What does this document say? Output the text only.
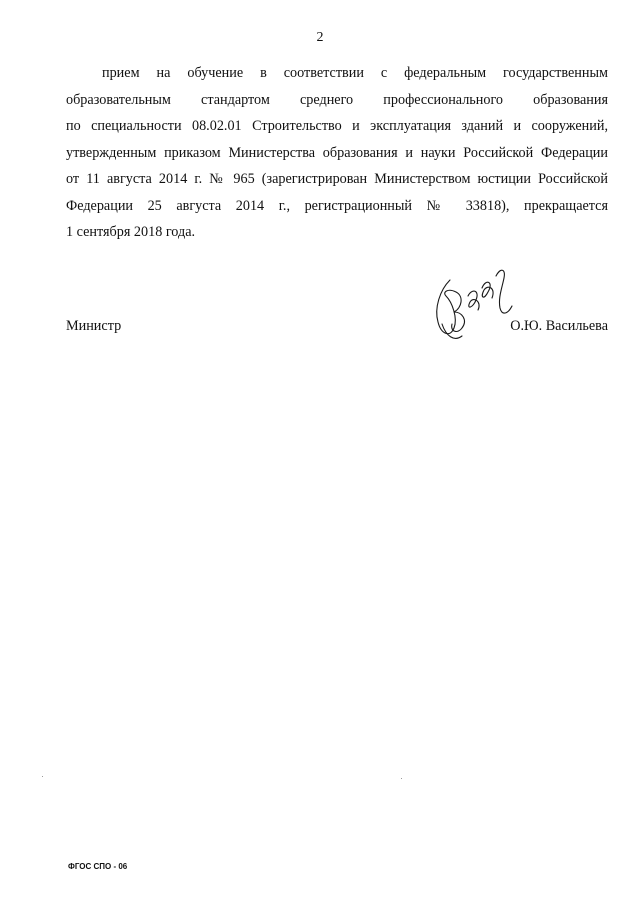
2
прием на обучение в соответствии с федеральным государственным
образовательным стандартом среднего профессионального образования
по специальности 08.02.01 Строительство и эксплуатация зданий и сооружений,
утвержденным приказом Министерства образования и науки Российской Федерации
от 11 августа 2014 г. № 965 (зарегистрирован Министерством юстиции Российской
Федерации 25 августа 2014 г., регистрационный № 33818), прекращается
1 сентября 2018 года.
Министр	О.Ю. Васильева
ФГОС СПО - 06
